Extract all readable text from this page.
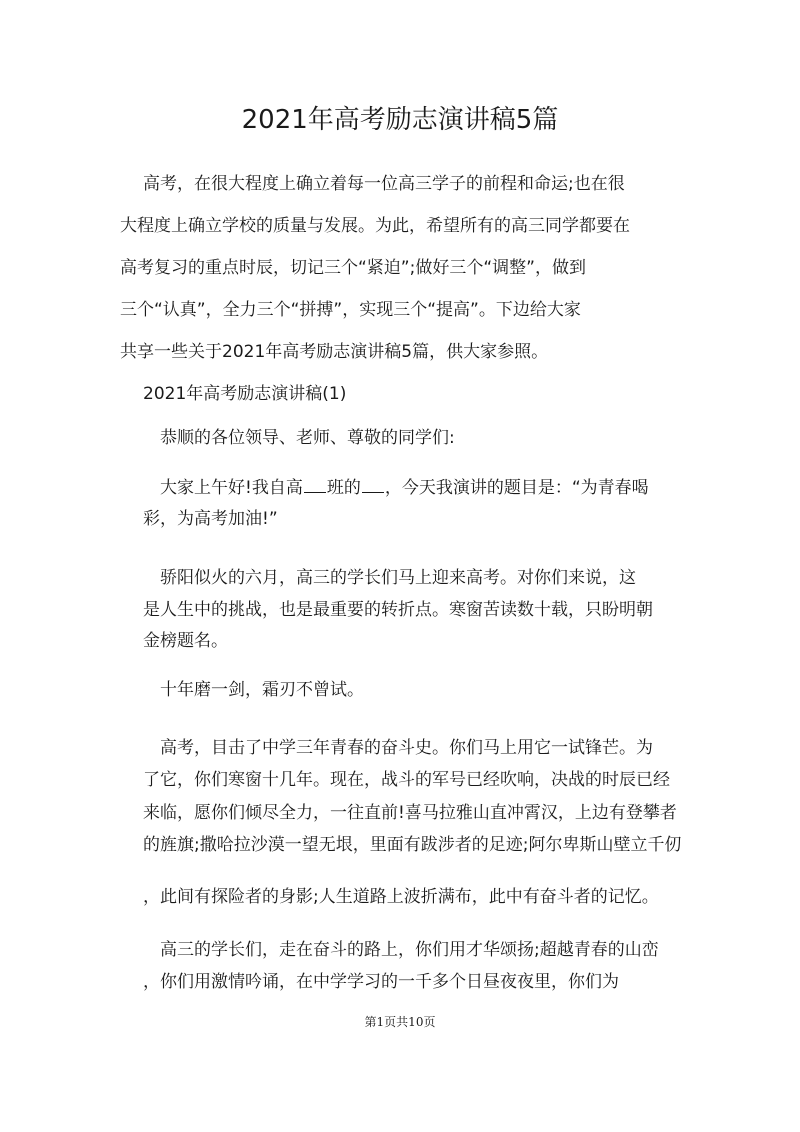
2021年高考励志演讲稿5篇
高考，在很大程度上确立着每一位高三学子的前程和命运;也在很
大程度上确立学校的质量与发展。为此，希望所有的高三同学都要在
高考复习的重点时辰，切记三个“紧迫”;做好三个“调整”，做到
三个“认真”，全力三个“拼搏”，实现三个“提高”。下边给大家
共享一些关于2021年高考励志演讲稿5篇，供大家参照。
2021年高考励志演讲稿(1)
恭顺的各位领导、老师、尊敬的同学们:
大家上午好!我自高 班的 ，今天我演讲的题目是：“为青春喝
彩，为高考加油!”
骄阳似火的六月，高三的学长们马上迎来高考。对你们来说，这
是人生中的挑战，也是最重要的转折点。寒窗苦读数十载，只盼明朝
金榜题名。
十年磨一剑，霜刃不曾试。
高考，目击了中学三年青春的奋斗史。你们马上用它一试锋芒。为
了它，你们寒窗十几年。现在，战斗的军号已经吹响，决战的时辰已经
来临，愿你们倾尽全力，一往直前!喜马拉雅山直冲霄汉，上边有登攀者
的旌旗;撒哈拉沙漠一望无垠，里面有跋涉者的足迹;阿尔卑斯山壁立千仞
，此间有探险者的身影;人生道路上波折满布，此中有奋斗者的记忆。
高三的学长们，走在奋斗的路上，你们用才华颂扬;超越青春的山峦
，你们用激情吟诵，在中学学习的一千多个日昼夜夜里，你们为
第1页共10页
